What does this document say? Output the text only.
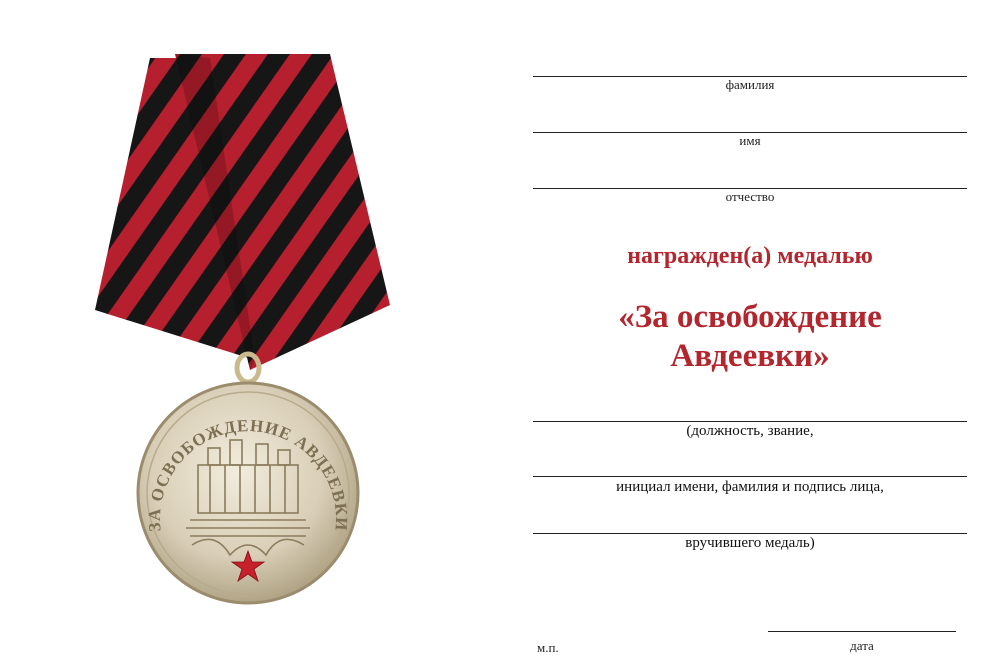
ЗА ОСВОБОЖДЕНИЕ АВДЕЕВКИ
фамилия
имя
отчество
награжден(а) медалью
«За освобождение
Авдеевки»
(должность, звание,
инициал имени, фамилия и подпись лица,
вручившего медаль)
м.п.	дата
